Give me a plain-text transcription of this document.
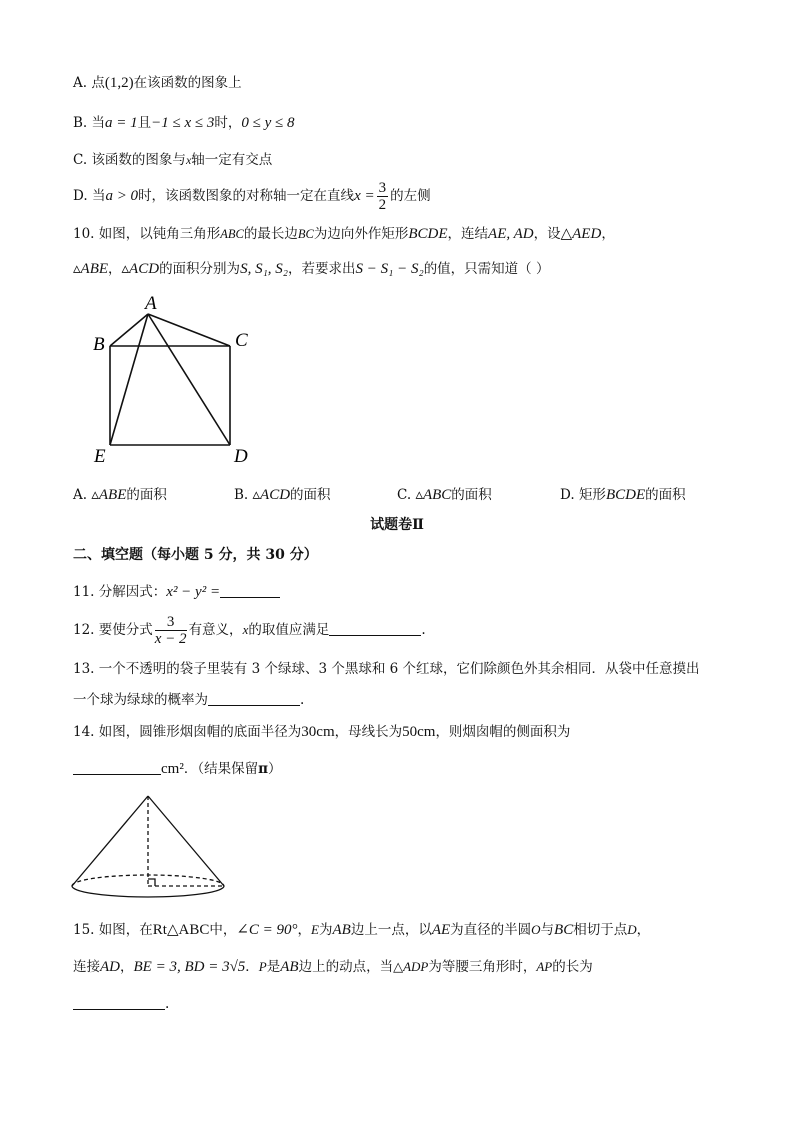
A. 点(1,2)在该函数的图象上
B. 当a = 1且−1 ≤ x ≤ 3时，0 ≤ y ≤ 8
C. 该函数的图象与x轴一定有交点
D. 当a > 0时，该函数图象的对称轴一定在直线$x = \frac{3}{2}$ 的左侧
10. 如图，以钝角三角形ABC的最长边BC为边向外作矩形BCDE，连结AE, AD，设△AED，
▵ABE，▵ACD的面积分别为S, S₁, S₂，若要求出S − S₁ − S₂的值，只需知道（ ）
A
B	C
D
E
A. ▵ABE的面积	B. ▵ACD的面积	C. ▵ABC的面积	D. 矩形BCDE的面积
试题卷Ⅱ
二、填空题（每小题 5 分，共 30 分）
11. 分解因式：x² − y² =
12. 要使分式 $\frac{3}{x - 2}$ 有意义，x的取值应满足	.
13. 一个不透明的袋子里装有 3 个绿球、3 个黑球和 6 个红球，它们除颜色外其余相同．从袋中任意摸出
一个球为绿球的概率为	.
14. 如图，圆锥形烟囱帽的底面半径为30cm，母线长为50cm，则烟囱帽的侧面积为
cm²．（结果保留π）
15. 如图，在Rt△ABC中，∠C = 90°，E为AB边上一点，以AE为直径的半圆O与BC相切于点D，
连接AD，BE = 3, BD = 3√5．P是AB边上的动点，当△ADP为等腰三角形时，AP的长为
.
